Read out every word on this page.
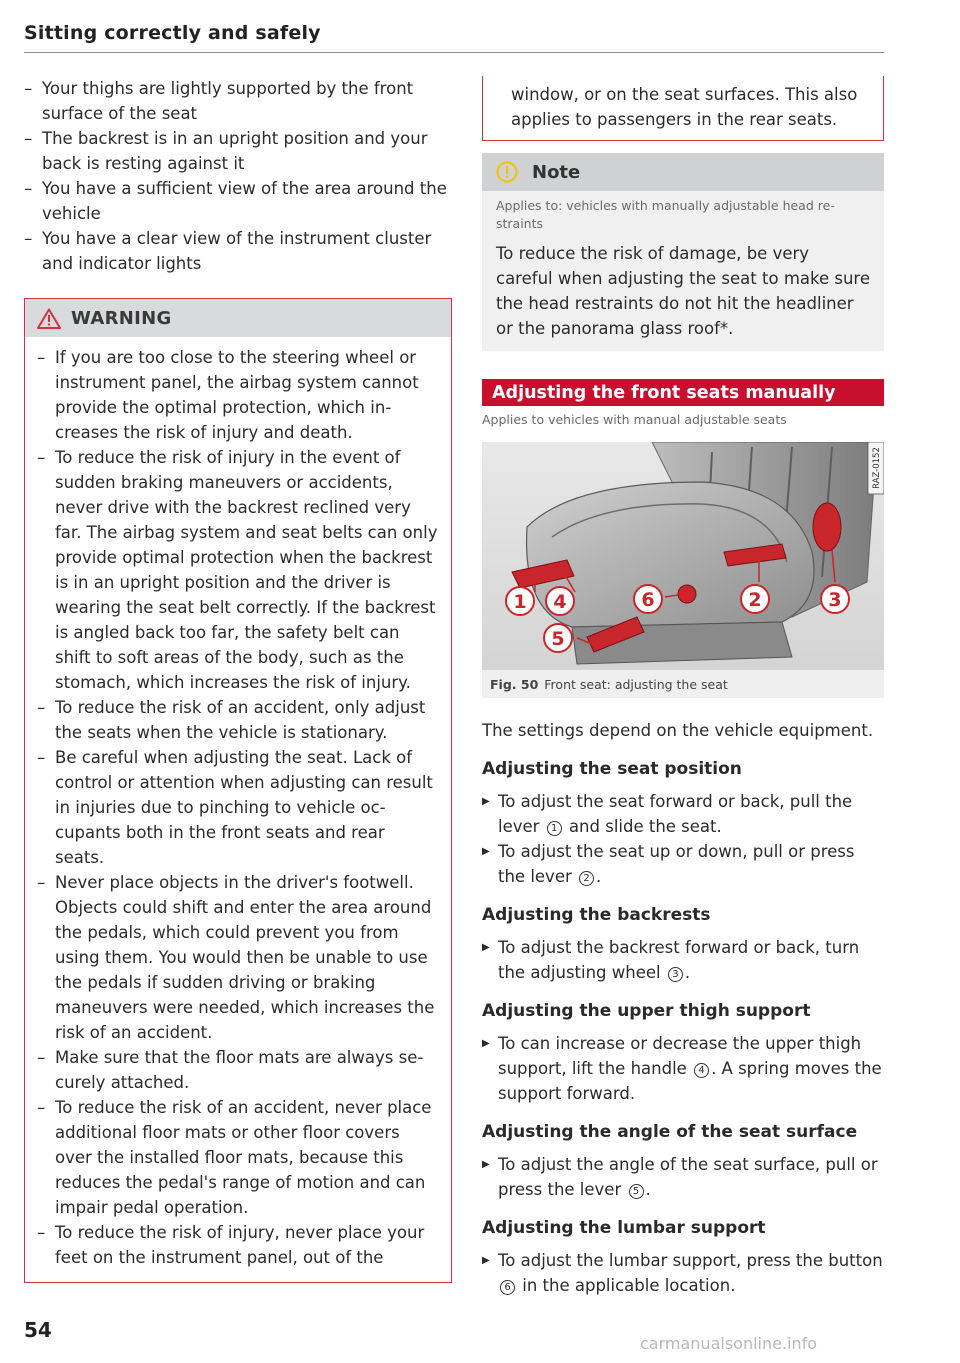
Sitting correctly and safely
– Your thighs are lightly supported by the front surface of the seat
– The backrest is in an upright position and your back is resting against it
– You have a sufficient view of the area around the vehicle
– You have a clear view of the instrument cluster and indicator lights
WARNING
– If you are too close to the steering wheel or instrument panel, the airbag system cannot provide the optimal protection, which increases the risk of injury and death.
– To reduce the risk of injury in the event of sudden braking maneuvers or accidents, never drive with the backrest reclined very far. The airbag system and seat belts can only provide optimal protection when the backrest is in an upright position and the driver is wearing the seat belt correctly. If the backrest is angled back too far, the safety belt can shift to soft areas of the body, such as the stomach, which increases the risk of injury.
– To reduce the risk of an accident, only adjust the seats when the vehicle is stationary.
– Be careful when adjusting the seat. Lack of control or attention when adjusting can result in injuries due to pinching to vehicle occupants both in the front seats and rear seats.
– Never place objects in the driver's footwell. Objects could shift and enter the area around the pedals, which could prevent you from using them. You would then be unable to use the pedals if sudden driving or braking maneuvers were needed, which increases the risk of an accident.
– Make sure that the floor mats are always securely attached.
– To reduce the risk of an accident, never place additional floor mats or other floor covers over the installed floor mats, because this reduces the pedal's range of motion and can impair pedal operation.
– To reduce the risk of injury, never place your feet on the instrument panel, out of the

window, or on the seat surfaces. This also applies to passengers in the rear seats.

Note
Applies to: vehicles with manually adjustable head restraints
To reduce the risk of damage, be very careful when adjusting the seat to make sure the head restraints do not hit the headliner or the panorama glass roof*.
Adjusting the front seats manually
Applies to vehicles with manual adjustable seats
1 4	6	2	3
5
RAZ-0152
Fig. 50 Front seat: adjusting the seat

The settings depend on the vehicle equipment.

Adjusting the seat position
▶ To adjust the seat forward or back, pull the lever 1 and slide the seat.
▶ To adjust the seat up or down, pull or press the lever 2 .
Adjusting the backrests
▶ To adjust the backrest forward or back, turn the adjusting wheel 3 .
Adjusting the upper thigh support
▶ To can increase or decrease the upper thigh support, lift the handle 4 . A spring moves the support forward.
Adjusting the angle of the seat surface
▶ To adjust the angle of the seat surface, pull or press the lever 5 .
Adjusting the lumbar support
▶ To adjust the lumbar support, press the button 6 in the applicable location.
54
carmanualsonline.info
